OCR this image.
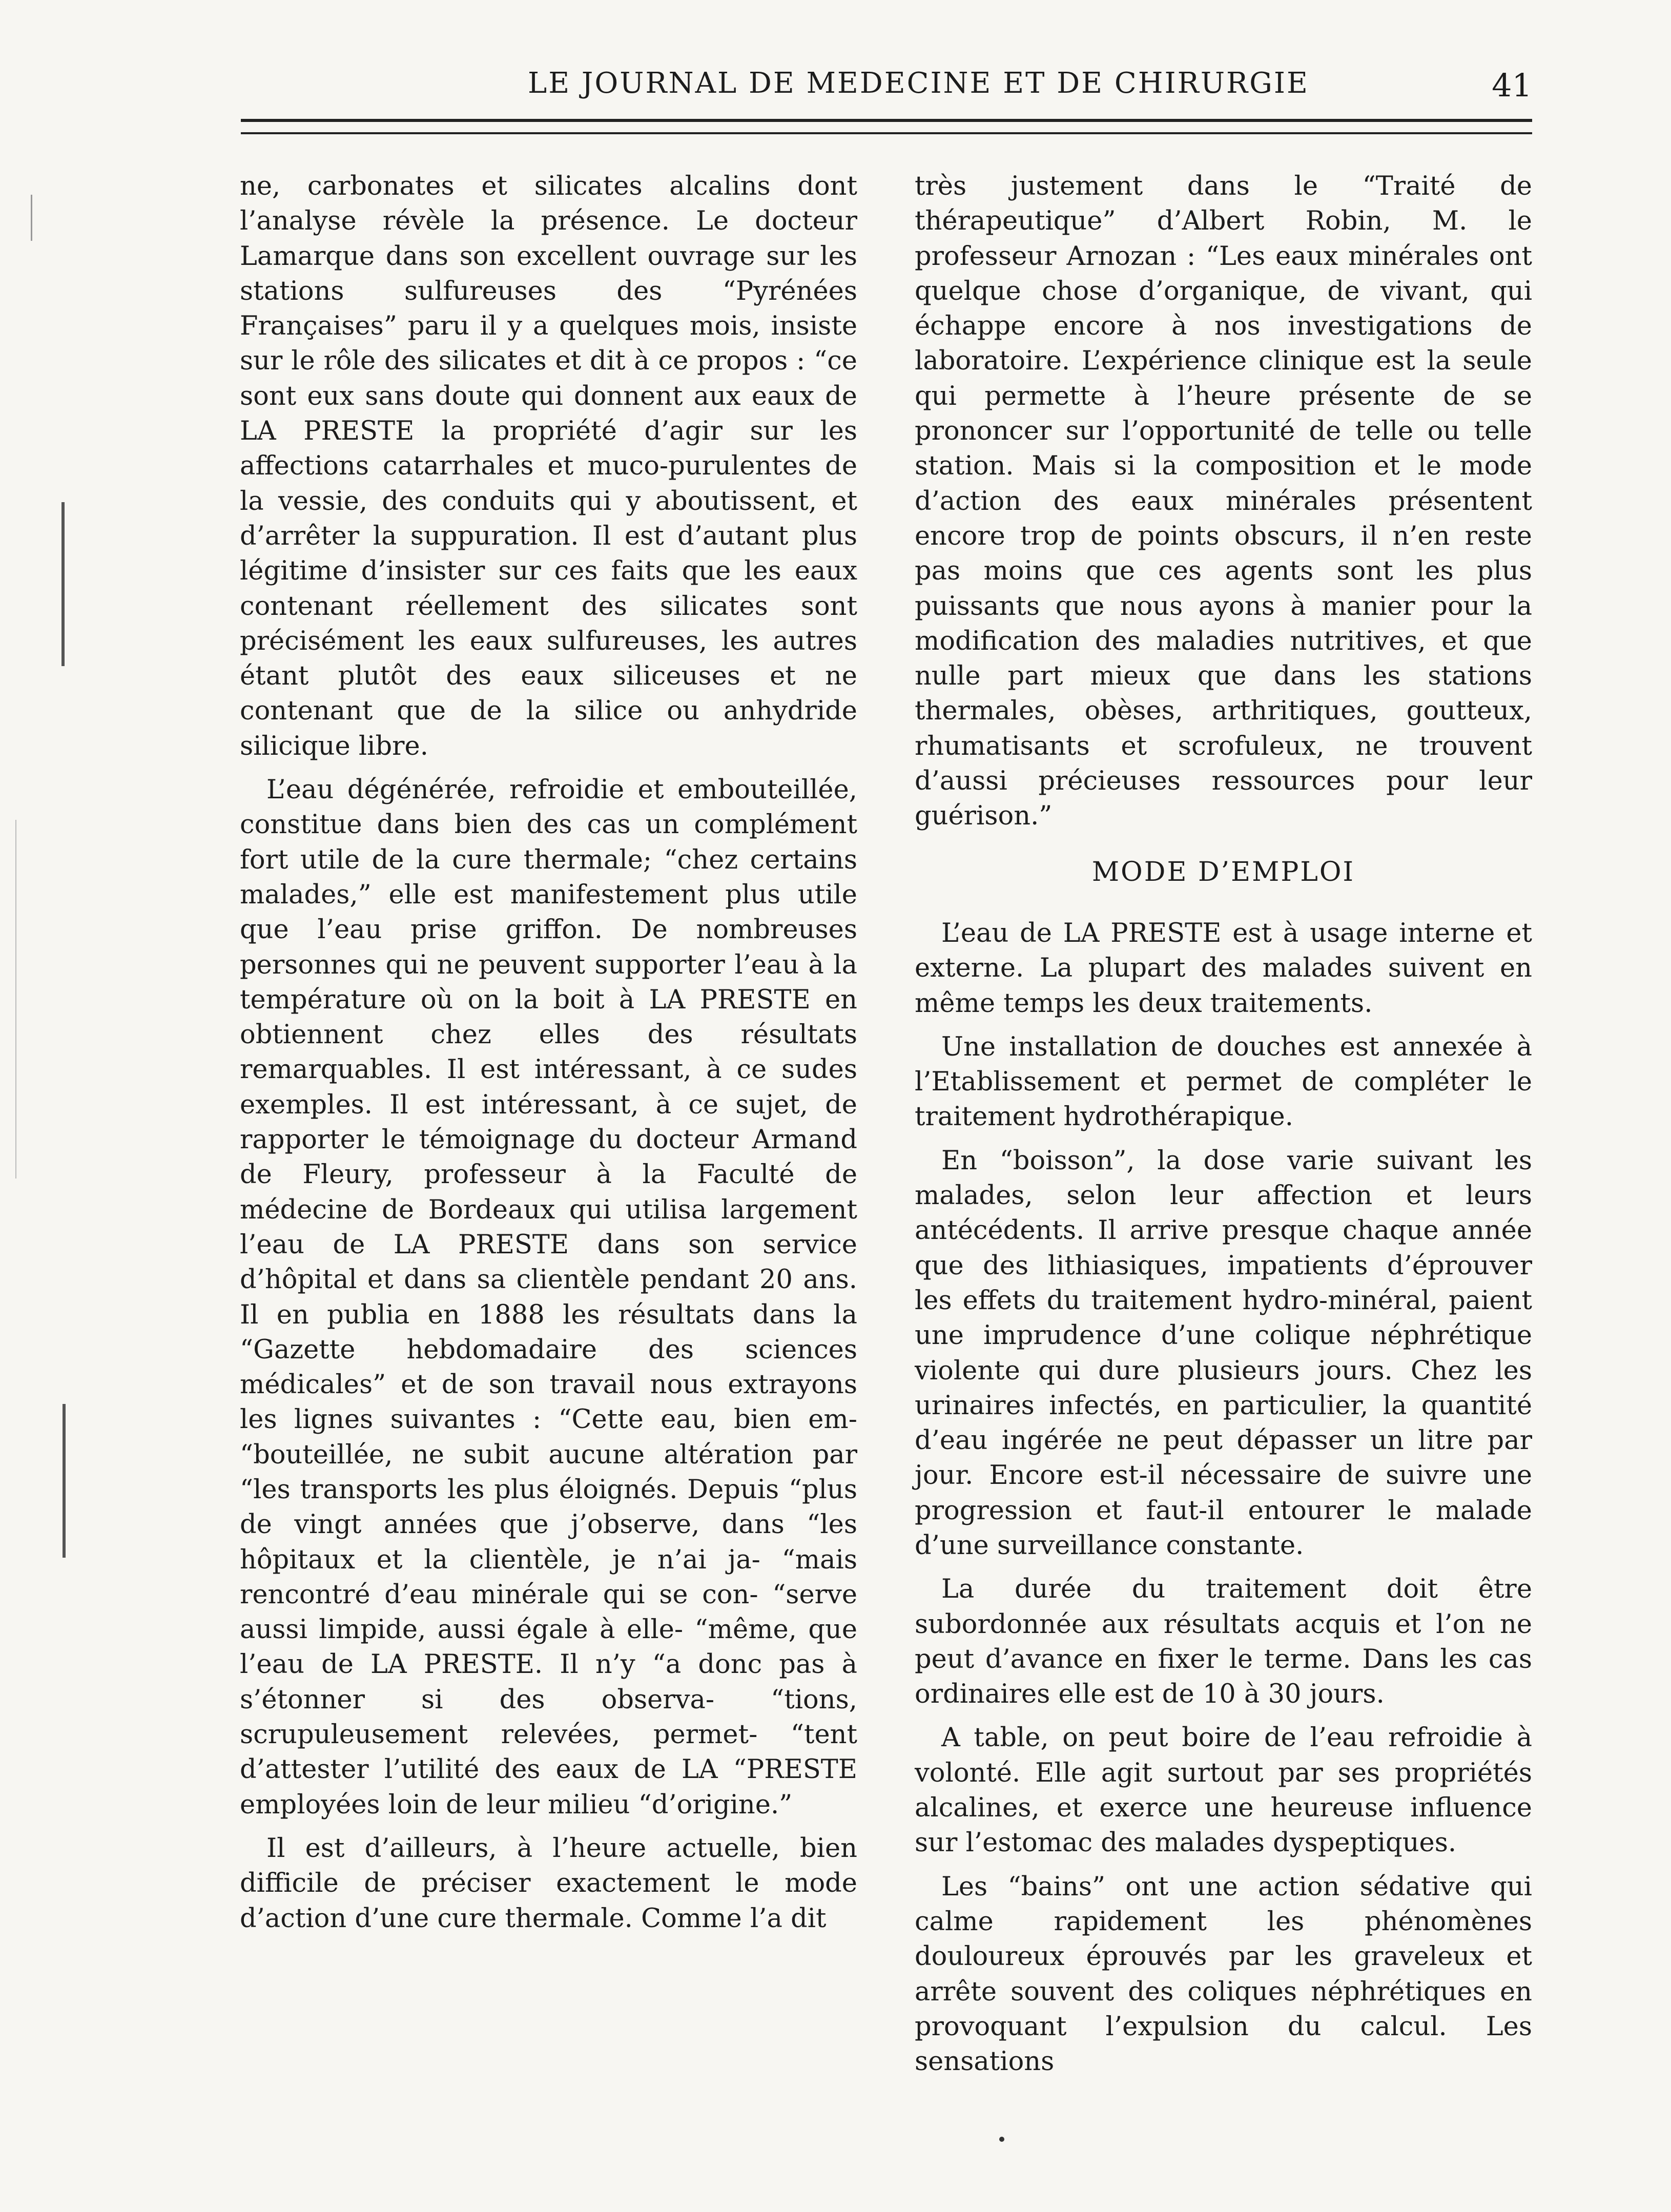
LE JOURNAL DE MEDECINE ET DE CHIRURGIE	41

ne, carbonates et silicates alcalins dont l’analyse révèle la présence. Le docteur Lamarque dans son excellent ouvrage sur les stations sulfureuses des “Pyrénées Françaises” paru il y a quelques mois, insiste sur le rôle des silicates et dit à ce propos : “ce sont eux sans doute qui donnent aux eaux de LA PRESTE la propriété d’agir sur les affections catarrhales et muco-purulentes de la vessie, des conduits qui y aboutissent, et d’arrêter la suppuration. Il est d’autant plus légitime d’insister sur ces faits que les eaux contenant réellement des silicates sont précisément les eaux sulfureuses, les autres étant plutôt des eaux siliceuses et ne contenant que de la silice ou anhydride silicique libre.

L’eau dégénérée, refroidie et embouteillée, constitue dans bien des cas un complément fort utile de la cure thermale; “chez certains malades,” elle est manifestement plus utile que l’eau prise griffon. De nombreuses personnes qui ne peuvent supporter l’eau à la température où on la boit à LA PRESTE en obtiennent chez elles des résultats remarquables. Il est intéressant, à ce sudes exemples. Il est intéressant, à ce sujet, de rapporter le témoignage du docteur Armand de Fleury, professeur à la Faculté de médecine de Bordeaux qui utilisa largement l’eau de LA PRESTE dans son service d’hôpital et dans sa clientèle pendant 20 ans. Il en publia en 1888 les résultats dans la “Gazette hebdomadaire des sciences médicales” et de son travail nous extrayons les lignes suivantes : “Cette eau, bien em- “bouteillée, ne subit aucune altération par “les transports les plus éloignés. Depuis “plus de vingt années que j’observe, dans “les hôpitaux et la clientèle, je n’ai ja- “mais rencontré d’eau minérale qui se con- “serve aussi limpide, aussi égale à elle- “même, que l’eau de LA PRESTE. Il n’y “a donc pas à s’étonner si des observa- “tions, scrupuleusement relevées, permet- “tent d’attester l’utilité des eaux de LA “PRESTE employées loin de leur milieu “d’origine.”

Il est d’ailleurs, à l’heure actuelle, bien difficile de préciser exactement le mode d’action d’une cure thermale. Comme l’a dit

très justement dans le “Traité de thérapeutique” d’Albert Robin, M. le professeur Arnozan : “Les eaux minérales ont quelque chose d’organique, de vivant, qui échappe encore à nos investigations de laboratoire. L’expérience clinique est la seule qui permette à l’heure présente de se prononcer sur l’opportunité de telle ou telle station. Mais si la composition et le mode d’action des eaux minérales présentent encore trop de points obscurs, il n’en reste pas moins que ces agents sont les plus puissants que nous ayons à manier pour la modification des maladies nutritives, et que nulle part mieux que dans les stations thermales, obèses, arthritiques, goutteux, rhumatisants et scrofuleux, ne trouvent d’aussi précieuses ressources pour leur guérison.”

MODE D’EMPLOI

L’eau de LA PRESTE est à usage interne et externe. La plupart des malades suivent en même temps les deux traitements.

Une installation de douches est annexée à l’Etablissement et permet de compléter le traitement hydrothérapique.

En “boisson”, la dose varie suivant les malades, selon leur affection et leurs antécédents. Il arrive presque chaque année que des lithiasiques, impatients d’éprouver les effets du traitement hydro-minéral, paient une imprudence d’une colique néphrétique violente qui dure plusieurs jours. Chez les urinaires infectés, en particulier, la quantité d’eau ingérée ne peut dépasser un litre par jour. Encore est-il nécessaire de suivre une progression et faut-il entourer le malade d’une surveillance constante.

La durée du traitement doit être subordonnée aux résultats acquis et l’on ne peut d’avance en fixer le terme. Dans les cas ordinaires elle est de 10 à 30 jours.

A table, on peut boire de l’eau refroidie à volonté. Elle agit surtout par ses propriétés alcalines, et exerce une heureuse influence sur l’estomac des malades dyspeptiques.

Les “bains” ont une action sédative qui calme rapidement les phénomènes douloureux éprouvés par les graveleux et arrête souvent des coliques néphrétiques en provoquant l’expulsion du calcul. Les sensations
